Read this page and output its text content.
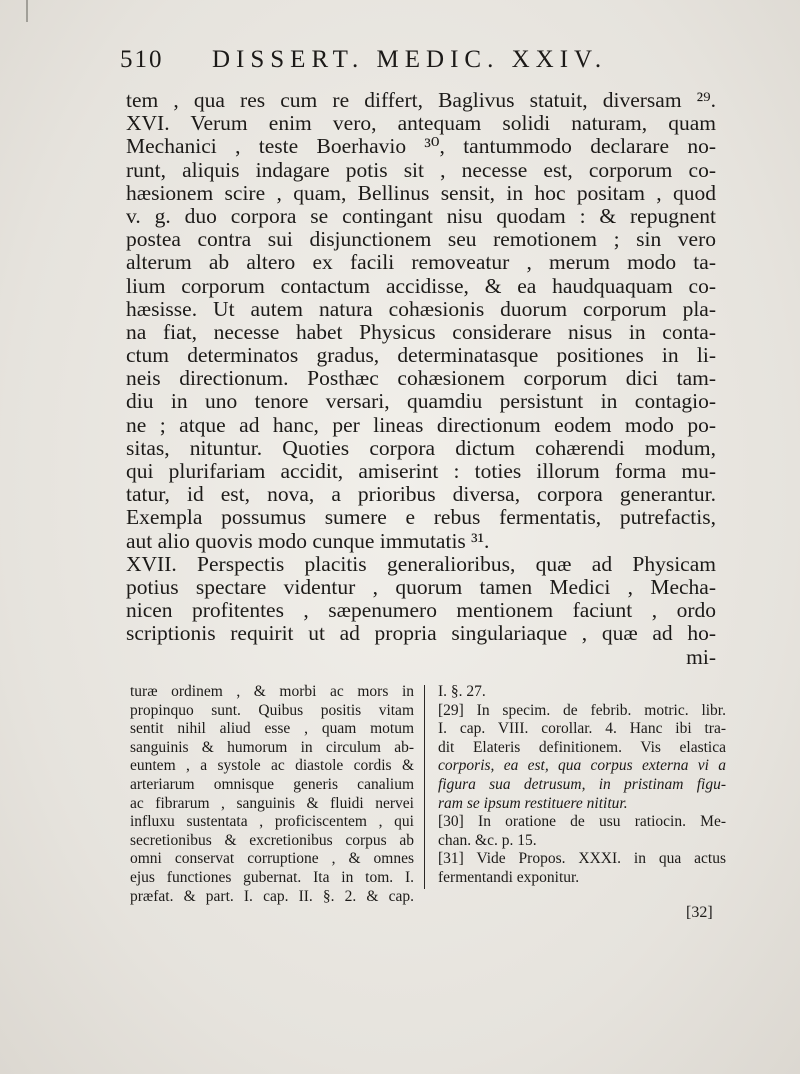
510 DISSERT. MEDIC. XXIV.
tem , qua res cum re differt, Baglivus statuit, diversam ²⁹.
XVI. Verum enim vero, antequam solidi naturam, quam
Mechanici , teste Boerhavio ³⁰, tantummodo declarare no-
runt, aliquis indagare potis sit , necesse est, corporum co-
hæsionem scire , quam, Bellinus sensit, in hoc positam , quod
v. g. duo corpora se contingant nisu quodam : & repugnent
postea contra sui disjunctionem seu remotionem ; sin vero
alterum ab altero ex facili removeatur , merum modo ta-
lium corporum contactum accidisse, & ea haudquaquam co-
hæsisse. Ut autem natura cohæsionis duorum corporum pla-
na fiat, necesse habet Physicus considerare nisus in conta-
ctum determinatos gradus, determinatasque positiones in li-
neis directionum. Posthæc cohæsionem corporum dici tam-
diu in uno tenore versari, quamdiu persistunt in contagio-
ne ; atque ad hanc, per lineas directionum eodem modo po-
sitas, nituntur. Quoties corpora dictum cohærendi modum,
qui plurifariam accidit, amiserint : toties illorum forma mu-
tatur, id est, nova, a prioribus diversa, corpora generantur.
Exempla possumus sumere e rebus fermentatis, putrefactis,
aut alio quovis modo cunque immutatis ³¹.
XVII. Perspectis placitis generalioribus, quæ ad Physicam
potius spectare videntur , quorum tamen Medici , Mecha-
nicen profitentes , sæpenumero mentionem faciunt , ordo
scriptionis requirit ut ad propria singulariaque , quæ ad ho-
mi-
turæ ordinem , & morbi ac mors in
propinquo sunt. Quibus positis vitam
sentit nihil aliud esse , quam motum
sanguinis & humorum in circulum ab-
euntem , a systole ac diastole cordis &
arteriarum omnisque generis canalium
ac fibrarum , sanguinis & fluidi nervei
influxu sustentata , proficiscentem , qui
secretionibus & excretionibus corpus ab
omni conservat corruptione , & omnes
ejus functiones gubernat. Ita in tom. I.
præfat. & part. I. cap. II. §. 2. & cap.
I. §. 27.
[29] In specim. de febrib. motric. libr.
I. cap. VIII. corollar. 4. Hanc ibi tra-
dit Elateris definitionem. Vis elastica
corporis, ea est, qua corpus externa vi a
figura sua detrusum, in pristinam figu-
ram se ipsum restituere nititur.
[30] In oratione de usu ratiocin. Me-
chan. &c. p. 15.
[31] Vide Propos. XXXI. in qua actus
fermentandi exponitur.
[32]
